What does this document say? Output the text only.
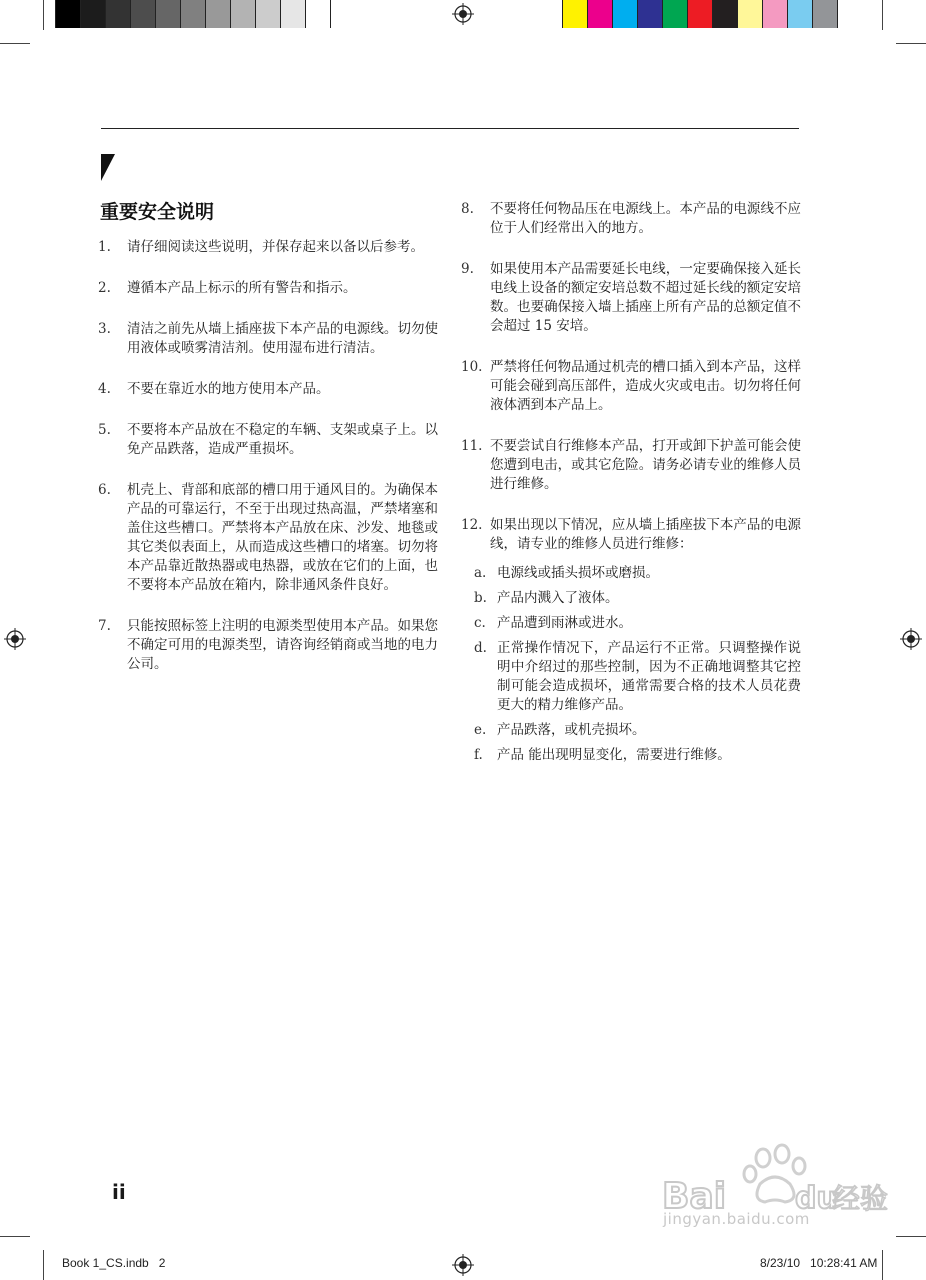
重要安全说明
1. 请仔细阅读这些说明，并保存起来以备以后参考。
2. 遵循本产品上标示的所有警告和指示。
3. 清洁之前先从墙上插座拔下本产品的电源线。切勿使用液体或喷雾清洁剂。使用湿布进行清洁。
4. 不要在靠近水的地方使用本产品。
5. 不要将本产品放在不稳定的车辆、支架或桌子上。以免产品跌落，造成严重损坏。
6. 机壳上、背部和底部的槽口用于通风目的。为确保本产品的可靠运行，不至于出现过热高温，严禁堵塞和盖住这些槽口。严禁将本产品放在床、沙发、地毯或其它类似表面上，从而造成这些槽口的堵塞。切勿将本产品靠近散热器或电热器，或放在它们的上面，也不要将本产品放在箱内，除非通风条件良好。
7. 只能按照标签上注明的电源类型使用本产品。如果您不确定可用的电源类型，请咨询经销商或当地的电力公司。
8. 不要将任何物品压在电源线上。本产品的电源线不应位于人们经常出入的地方。
9. 如果使用本产品需要延长电线，一定要确保接入延长电线上设备的额定安培总数不超过延长线的额定安培数。也要确保接入墙上插座上所有产品的总额定值不会超过 15 安培。
10. 严禁将任何物品通过机壳的槽口插入到本产品，这样可能会碰到高压部件，造成火灾或电击。切勿将任何液体洒到本产品上。
11. 不要尝试自行维修本产品，打开或卸下护盖可能会使您遭到电击，或其它危险。请务必请专业的维修人员进行维修。
12. 如果出现以下情况，应从墙上插座拔下本产品的电源线，请专业的维修人员进行维修：
a. 电源线或插头损坏或磨损。
b. 产品内溅入了液体。
c. 产品遭到雨淋或进水。
d. 正常操作情况下，产品运行不正常。只调整操作说明中介绍过的那些控制，因为不正确地调整其它控制可能会造成损坏，通常需要合格的技术人员花费更大的精力维修产品。
e. 产品跌落，或机壳损坏。
f. 产品 能出现明显变化，需要进行维修。
ii	Bai du
经验
jingyan.baidu.com
Book 1_CS.indb   2	8/23/10   10:28:41 AM
